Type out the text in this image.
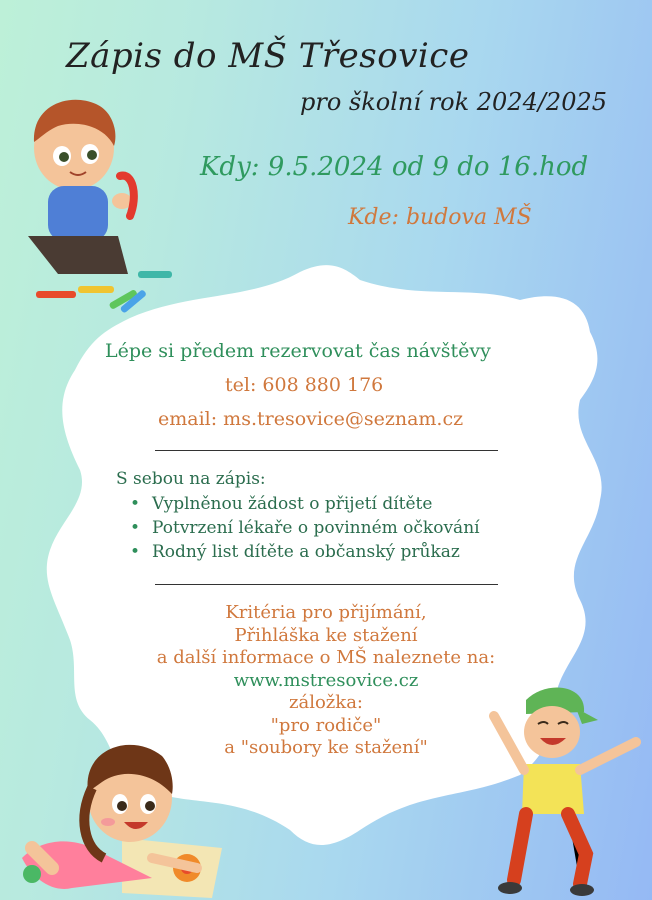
Zápis do MŠ Třesovice
pro školní rok 2024/2025
Kdy: 9.5.2024 od 9 do 16.hod
Kde: budova MŠ
Lépe si předem rezervovat čas návštěvy
tel: 608 880 176
email: ms.tresovice@seznam.cz
S sebou na zápis:
• Vyplněnou žádost o přijetí dítěte
• Potvrzení lékaře o povinném očkování
• Rodný list dítěte a občanský průkaz
Kritéria pro přijímání,
Přihláška ke stažení
a další informace o MŠ naleznete na:
www.mstresovice.cz
záložka:
"pro rodiče"
a "soubory ke stažení"
